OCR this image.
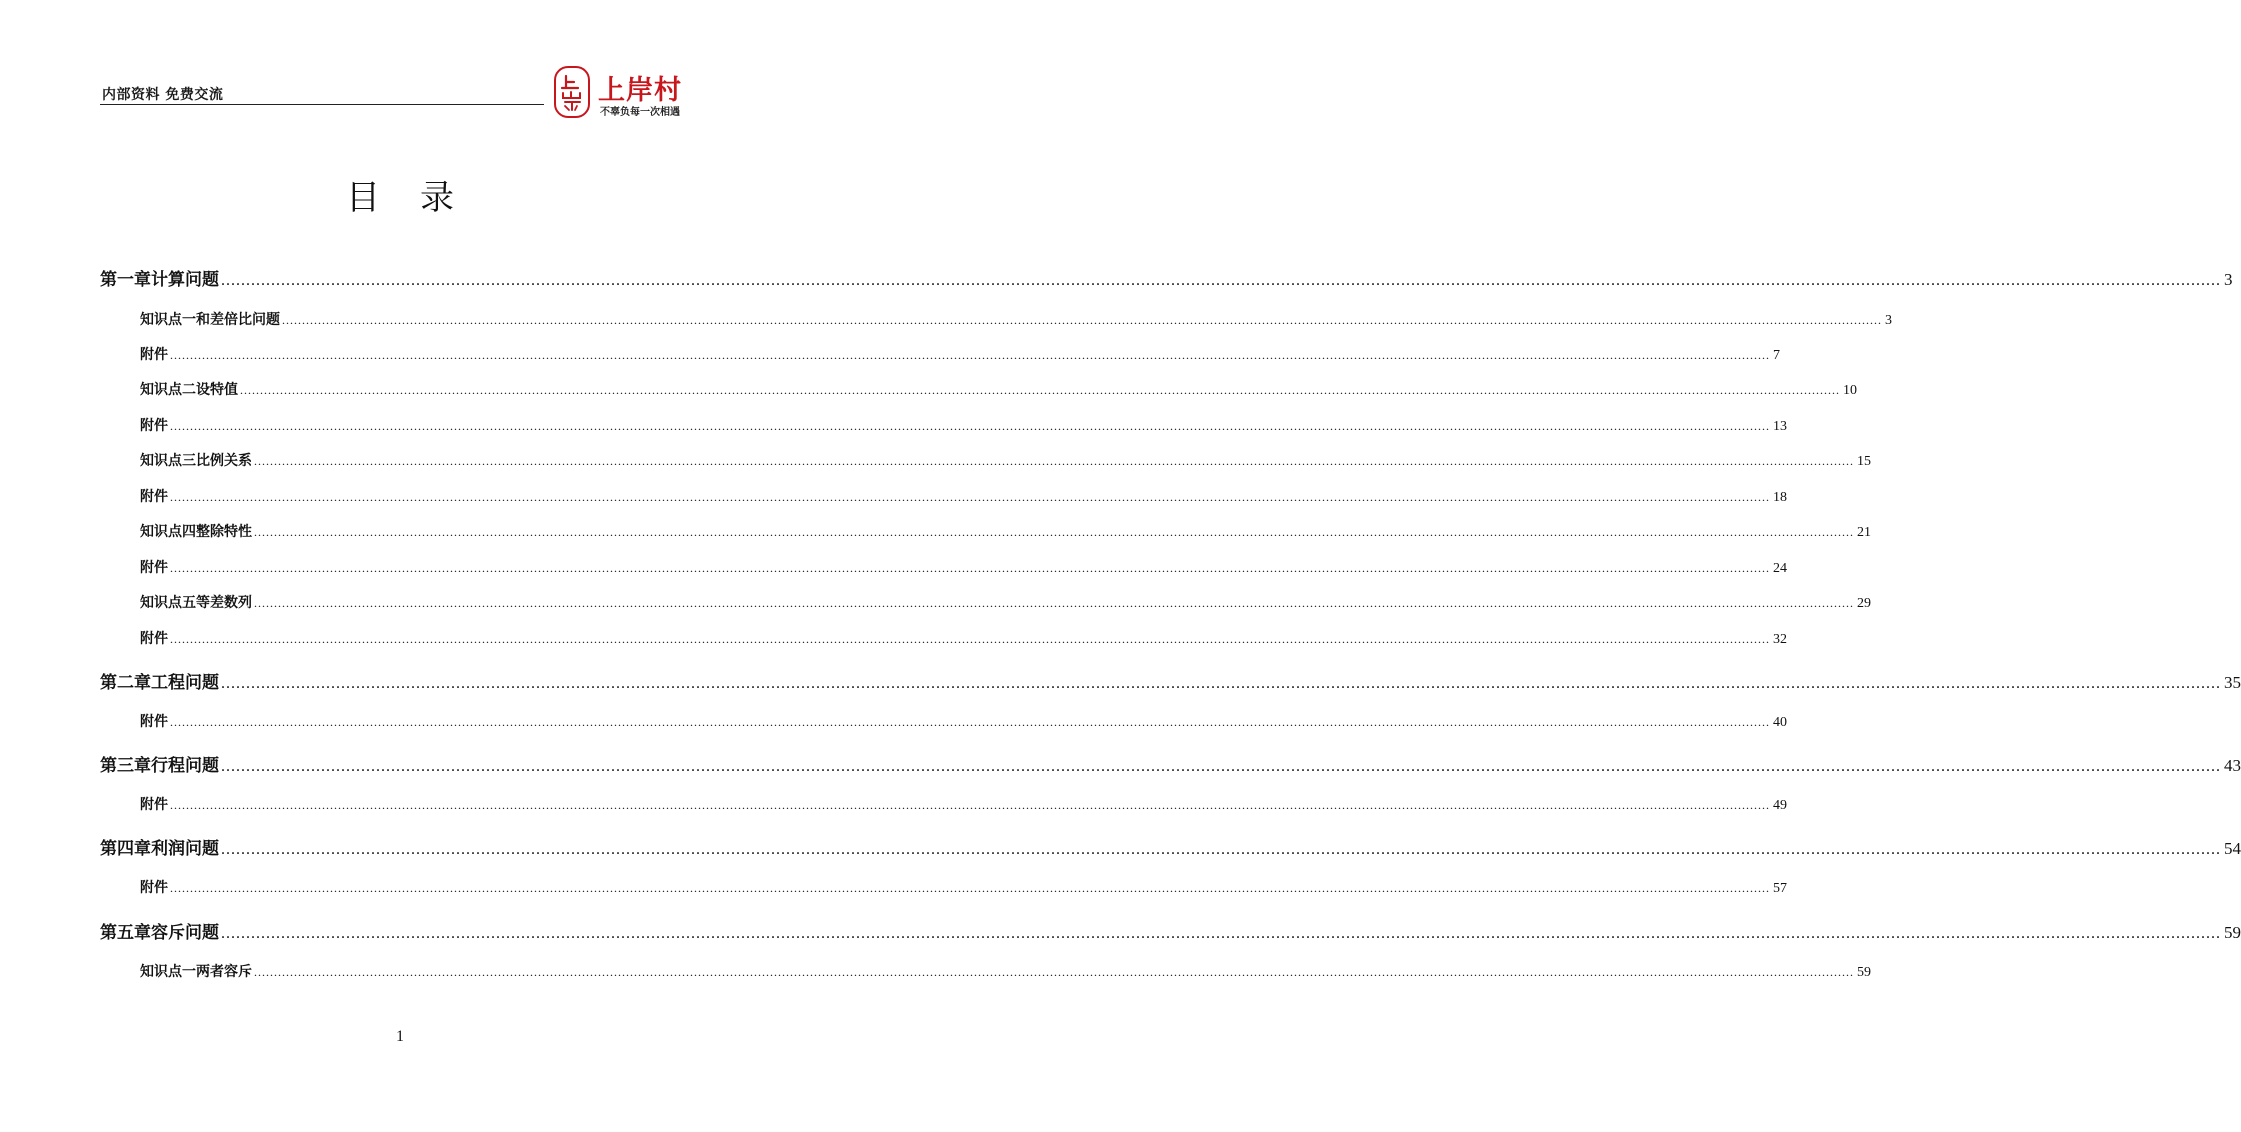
内部资料 免费交流	上岸村
不辜负每一次相遇
目录
第一章 计算问题 ................................................................................................................................................................................................................................................................................................................................................................................................................ 3
知识点一 和差倍比问题 ................................................................................................................................................................................................................................................................................................................................................................................................................ 3
附件 ................................................................................................................................................................................................................................................................................................................................................................................................................ 7
知识点二 设特值 ................................................................................................................................................................................................................................................................................................................................................................................................................ 10
附件 ................................................................................................................................................................................................................................................................................................................................................................................................................ 13
知识点三 比例关系 ................................................................................................................................................................................................................................................................................................................................................................................................................ 15
附件 ................................................................................................................................................................................................................................................................................................................................................................................................................ 18
知识点四 整除特性 ................................................................................................................................................................................................................................................................................................................................................................................................................ 21
附件 ................................................................................................................................................................................................................................................................................................................................................................................................................ 24
知识点五 等差数列 ................................................................................................................................................................................................................................................................................................................................................................................................................ 29
附件 ................................................................................................................................................................................................................................................................................................................................................................................................................ 32
第二章 工程问题 ................................................................................................................................................................................................................................................................................................................................................................................................................ 35
附件 ................................................................................................................................................................................................................................................................................................................................................................................................................ 40
第三章 行程问题 ................................................................................................................................................................................................................................................................................................................................................................................................................ 43
附件 ................................................................................................................................................................................................................................................................................................................................................................................................................ 49
第四章 利润问题 ................................................................................................................................................................................................................................................................................................................................................................................................................ 54
附件 ................................................................................................................................................................................................................................................................................................................................................................................................................ 57
第五章 容斥问题 ................................................................................................................................................................................................................................................................................................................................................................................................................ 59
知识点一 两者容斥 ................................................................................................................................................................................................................................................................................................................................................................................................................ 59
1
